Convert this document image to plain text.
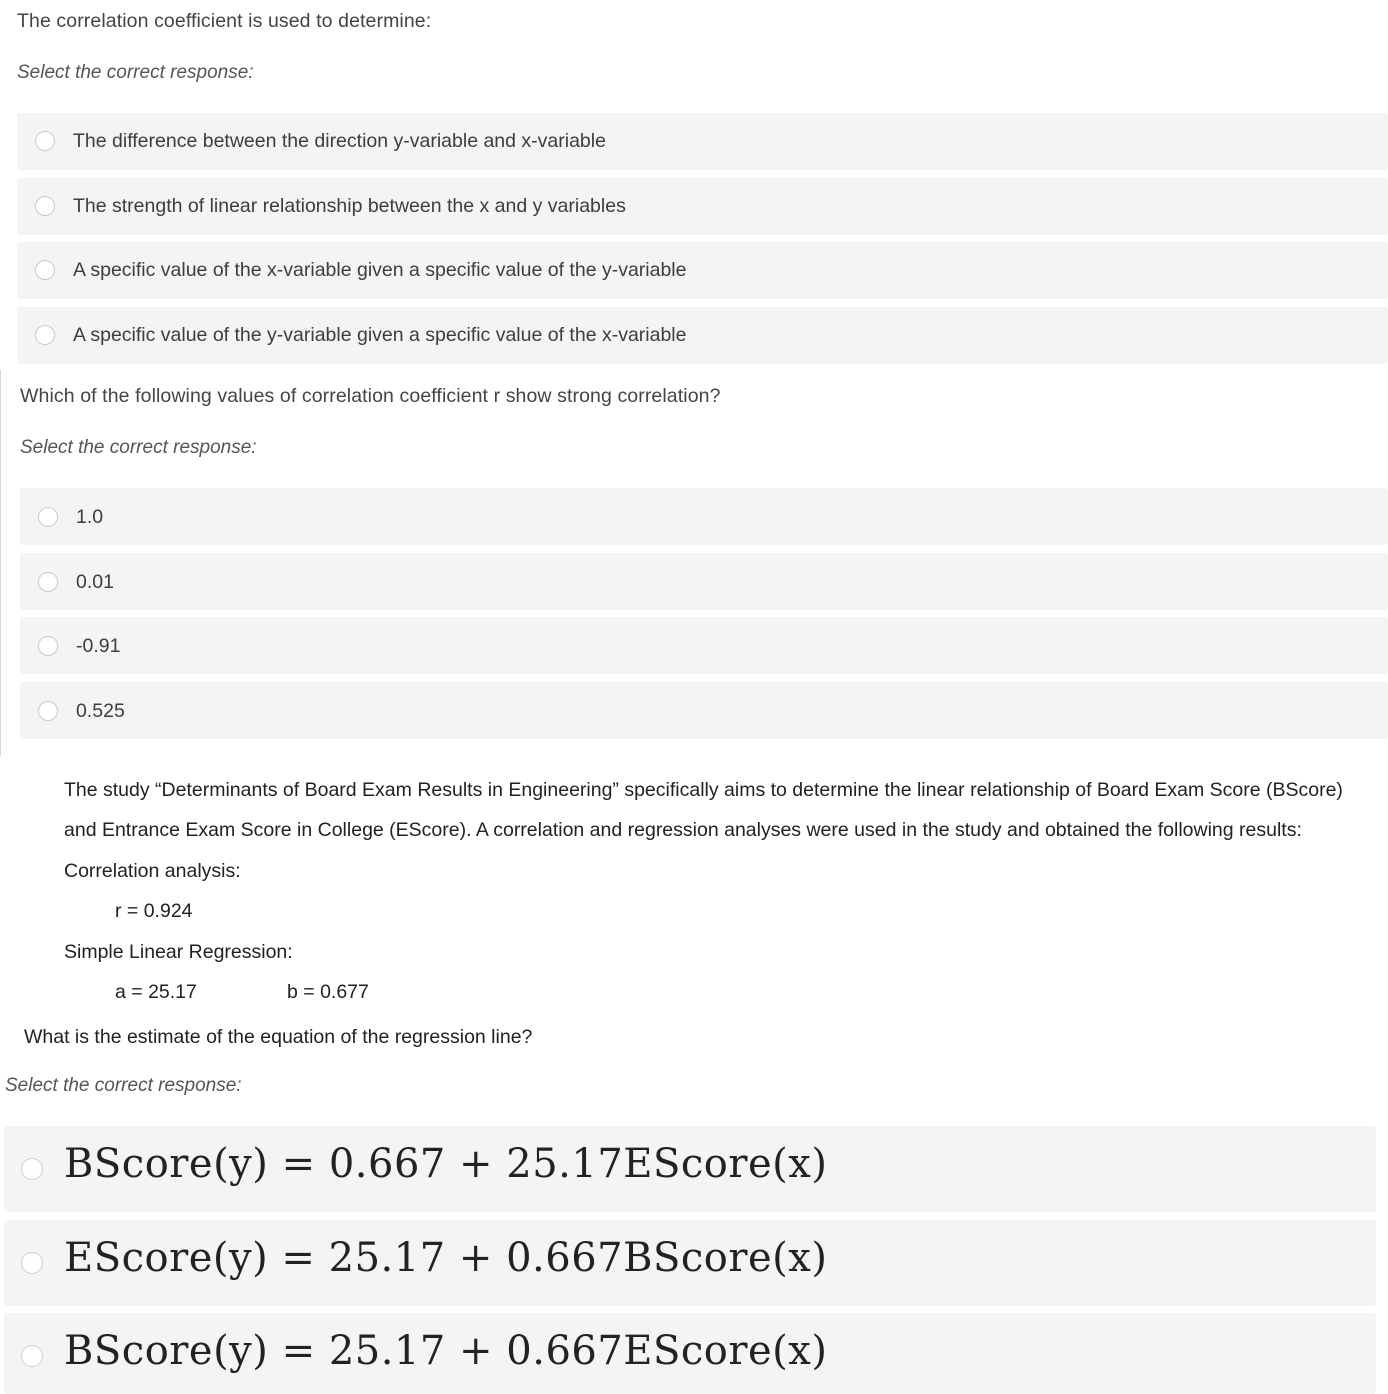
The correlation coefficient is used to determine:
Select the correct response:
The difference between the direction y-variable and x-variable
The strength of linear relationship between the x and y variables
A specific value of the x-variable given a specific value of the y-variable
A specific value of the y-variable given a specific value of the x-variable
Which of the following values of correlation coefficient r show strong correlation?
Select the correct response:
1.0
0.01
-0.91
0.525
The study “Determinants of Board Exam Results in Engineering” specifically aims to determine the linear relationship of Board Exam Score (BScore)
and Entrance Exam Score in College (EScore). A correlation and regression analyses were used in the study and obtained the following results:
Correlation analysis:
r = 0.924
Simple Linear Regression:
a = 25.17	b = 0.677
What is the estimate of the equation of the regression line?
Select the correct response:
BScore(y) = 0.667 + 25.17EScore(x)
EScore(y) = 25.17 + 0.667BScore(x)
BScore(y) = 25.17 + 0.667EScore(x)
